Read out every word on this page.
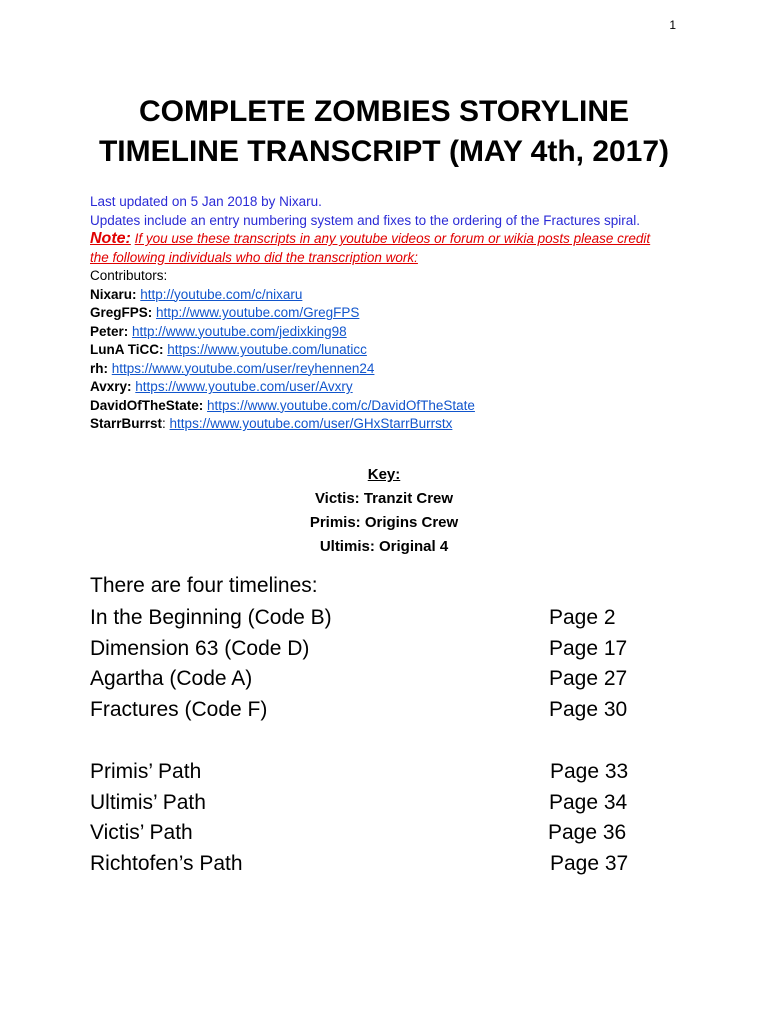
1
COMPLETE ZOMBIES STORYLINE
TIMELINE TRANSCRIPT (MAY 4th, 2017)
Last updated on 5 Jan 2018 by Nixaru.
Updates include an entry numbering system and fixes to the ordering of the Fractures spiral.
Note: If you use these transcripts in any youtube videos or forum or wikia posts please credit
the following individuals who did the transcription work:
Contributors:
Nixaru: http://youtube.com/c/nixaru
GregFPS: http://www.youtube.com/GregFPS
Peter: http://www.youtube.com/jedixking98
LunA TiCC: https://www.youtube.com/lunaticc
rh: https://www.youtube.com/user/reyhennen24
Avxry: https://www.youtube.com/user/Avxry
DavidOfTheState: https://www.youtube.com/c/DavidOfTheState
StarrBurrst: https://www.youtube.com/user/GHxStarrBurrstx
Key:
Victis: Tranzit Crew
Primis: Origins Crew
Ultimis: Original 4
There are four timelines:
In the Beginning (Code B)	Page 2
Dimension 63 (Code D)	Page 17
Agartha (Code A)	Page 27
Fractures (Code F)	Page 30
Primis’ Path	Page 33
Ultimis’ Path	Page 34
Victis’ Path	Page 36
Richtofen’s Path	Page 37
